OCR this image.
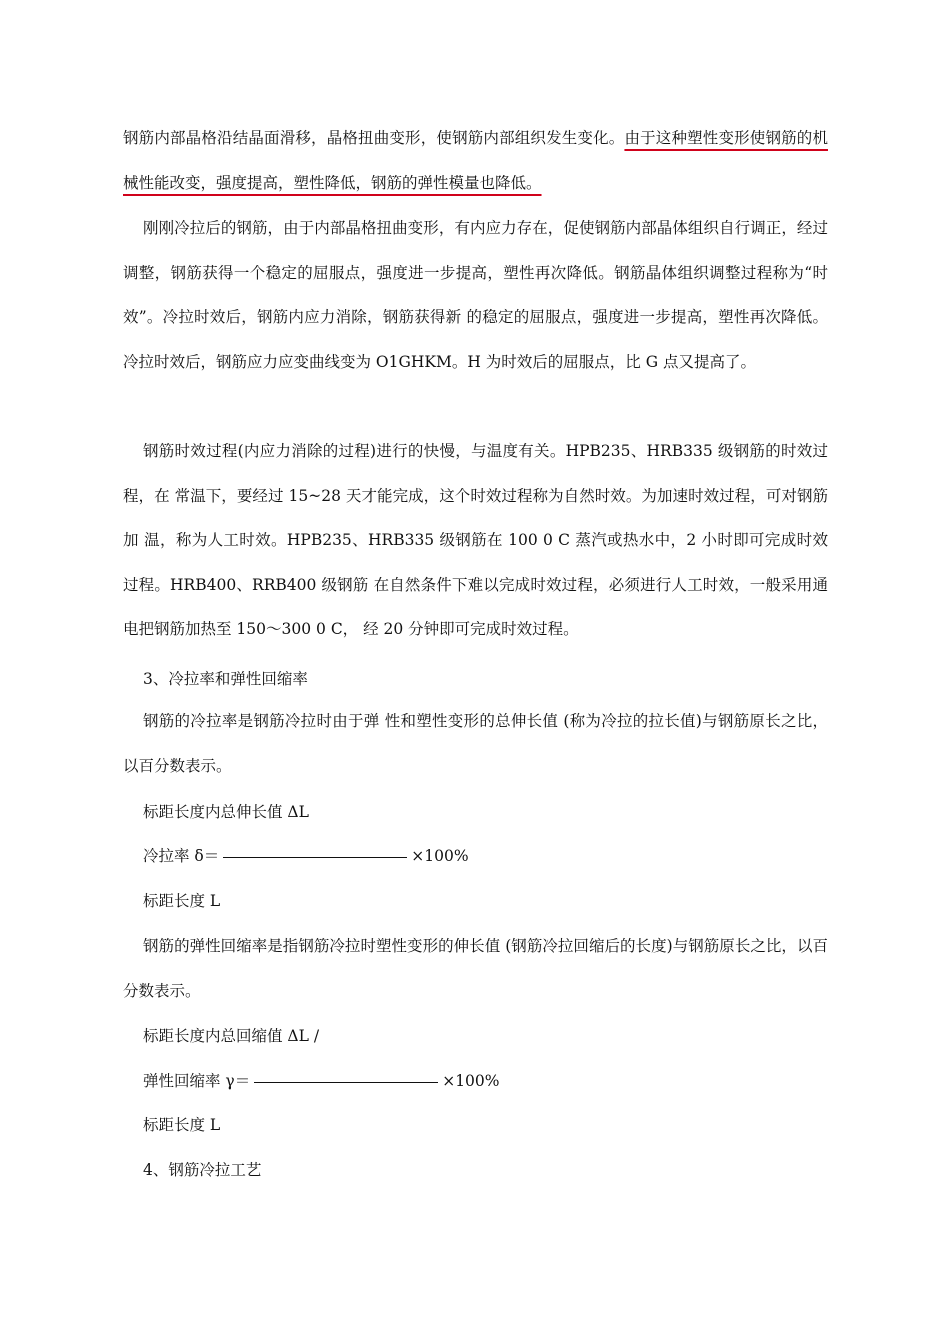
钢筋内部晶格沿结晶面滑移，晶格扭曲变形，使钢筋内部组织发生变化。由于这种塑性变形使钢筋的机械性能改变，强度提高，塑性降低，钢筋的弹性模量也降低。

刚刚冷拉后的钢筋，由于内部晶格扭曲变形，有内应力存在，促使钢筋内部晶体组织自行调正，经过调整，钢筋获得一个稳定的屈服点，强度进一步提高，塑性再次降低。钢筋晶体组织调整过程称为“时效”。冷拉时效后，钢筋内应力消除，钢筋获得新 的稳定的屈服点，强度进一步提高，塑性再次降低。冷拉时效后，钢筋应力应变曲线变为 O1GHKM。H 为时效后的屈服点，比 G 点又提高了。

钢筋时效过程(内应力消除的过程)进行的快慢，与温度有关。HPB235、HRB335 级钢筋的时效过程，在 常温下，要经过 15~28 天才能完成，这个时效过程称为自然时效。为加速时效过程，可对钢筋加 温，称为人工时效。HPB235、HRB335 级钢筋在 100 0 C 蒸汽或热水中，2 小时即可完成时效过程。HRB400、RRB400 级钢筋 在自然条件下难以完成时效过程，必须进行人工时效，一般采用通电把钢筋加热至 150～300 0 C， 经 20 分钟即可完成时效过程。

3、冷拉率和弹性回缩率

钢筋的冷拉率是钢筋冷拉时由于弹 性和塑性变形的总伸长值 (称为冷拉的拉长值)与钢筋原长之比，以百分数表示。

标距长度内总伸长值 ΔL
冷拉率 δ＝	×100%
标距长度 L

钢筋的弹性回缩率是指钢筋冷拉时塑性变形的伸长值 (钢筋冷拉回缩后的长度)与钢筋原长之比，以百分数表示。

标距长度内总回缩值 ΔL /
弹性回缩率 γ＝	×100%
标距长度 L
4、钢筋冷拉工艺
